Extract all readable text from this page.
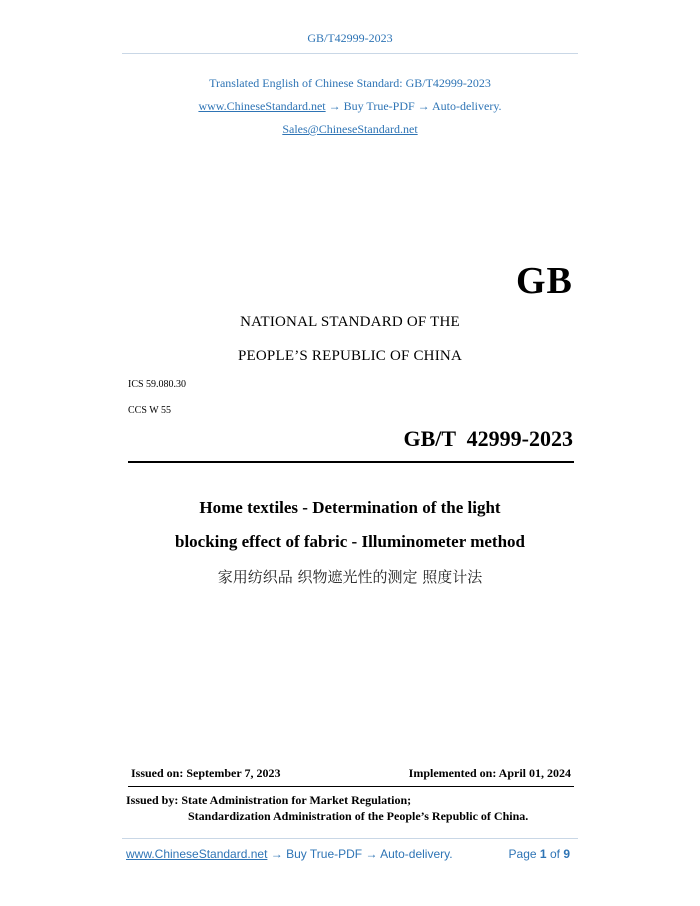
GB/T42999-2023
Translated English of Chinese Standard: GB/T42999-2023
www.ChineseStandard.net → Buy True-PDF → Auto-delivery.
Sales@ChineseStandard.net
GB
NATIONAL STANDARD OF THE
PEOPLE’S REPUBLIC OF CHINA
ICS 59.080.30
CCS W 55
GB/T  42999-2023
Home textiles - Determination of the light
blocking effect of fabric - Illuminometer method
家用纺织品 织物遮光性的测定 照度计法
Issued on: September 7, 2023	Implemented on: April 01, 2024
Issued by: State Administration for Market Regulation;
Standardization Administration of the People’s Republic of China.
www.ChineseStandard.net → Buy True-PDF → Auto-delivery.	Page 1 of 9
